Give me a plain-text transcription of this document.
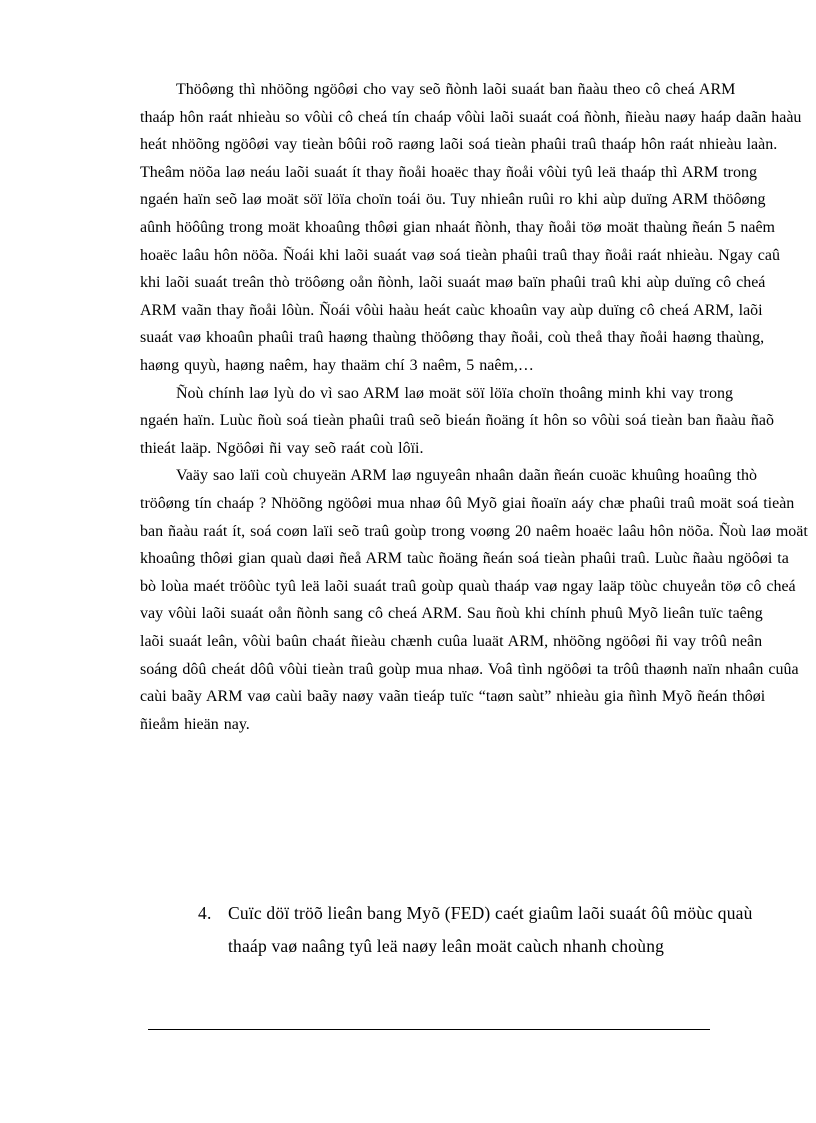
Thöôøng thì nhöõng ngöôøi cho vay seõ ñònh laõi suaát ban ñaàu theo cô cheá ARM
thaáp hôn raát nhieàu so vôùi cô cheá tín chaáp vôùi laõi suaát coá ñònh, ñieàu naøy haáp daãn haàu
heát nhöõng ngöôøi vay tieàn bôûi roõ raøng laõi soá tieàn phaûi traû thaáp hôn raát nhieàu laàn.
Theâm nöõa laø neáu laõi suaát ít thay ñoåi hoaëc thay ñoåi vôùi tyû leä thaáp thì ARM trong
ngaén haïn seõ laø moät söï löïa choïn toái öu. Tuy nhieân ruûi ro khi aùp duïng ARM thöôøng
aûnh höôûng trong moät khoaûng thôøi gian nhaát ñònh, thay ñoåi töø moät thaùng ñeán 5 naêm
hoaëc laâu hôn nöõa. Ñoái khi laõi suaát vaø soá tieàn phaûi traû thay ñoåi raát nhieàu. Ngay caû
khi laõi suaát treân thò tröôøng oån ñònh, laõi suaát maø baïn phaûi traû khi aùp duïng cô cheá
ARM vaãn thay ñoåi lôùn. Ñoái vôùi haàu heát caùc khoaûn vay aùp duïng cô cheá ARM, laõi
suaát vaø khoaûn phaûi traû haøng thaùng thöôøng thay ñoåi, coù theå thay ñoåi haøng thaùng,
haøng quyù, haøng naêm, hay thaäm chí 3 naêm, 5 naêm,…
Ñoù chính laø lyù do vì sao ARM laø moät söï löïa choïn thoâng minh khi vay trong
ngaén haïn. Luùc ñoù soá tieàn phaûi traû seõ bieán ñoäng ít hôn so vôùi soá tieàn ban ñaàu ñaõ
thieát laäp. Ngöôøi ñi vay seõ raát coù lôïi.
Vaäy sao laïi coù chuyeän ARM laø nguyeân nhaân daãn ñeán cuoäc khuûng hoaûng thò
tröôøng tín chaáp ? Nhöõng ngöôøi mua nhaø ôû Myõ giai ñoaïn aáy chæ phaûi traû moät soá tieàn
ban ñaàu raát ít, soá coøn laïi seõ traû goùp trong voøng 20 naêm hoaëc laâu hôn nöõa. Ñoù laø moät
khoaûng thôøi gian quaù daøi ñeå ARM taùc ñoäng ñeán soá tieàn phaûi traû. Luùc ñaàu ngöôøi ta
bò loùa maét tröôùc tyû leä laõi suaát traû goùp quaù thaáp vaø ngay laäp töùc chuyeån töø cô cheá
vay vôùi laõi suaát oån ñònh sang cô cheá ARM. Sau ñoù khi chính phuû Myõ lieân tuïc taêng
laõi suaát leân, vôùi baûn chaát ñieàu chænh cuûa luaät ARM, nhöõng ngöôøi ñi vay trôû neân
soáng dôû cheát dôû vôùi tieàn traû goùp mua nhaø. Voâ tình ngöôøi ta trôû thaønh naïn nhaân cuûa
caùi baãy ARM vaø caùi baãy naøy vaãn tieáp tuïc “taøn saùt” nhieàu gia ñình Myõ ñeán thôøi
ñieåm hieän nay.
4. Cuïc döï tröõ lieân bang Myõ (FED) caét giaûm laõi suaát ôû möùc quaù
thaáp vaø naâng tyû leä naøy leân moät caùch nhanh choùng
